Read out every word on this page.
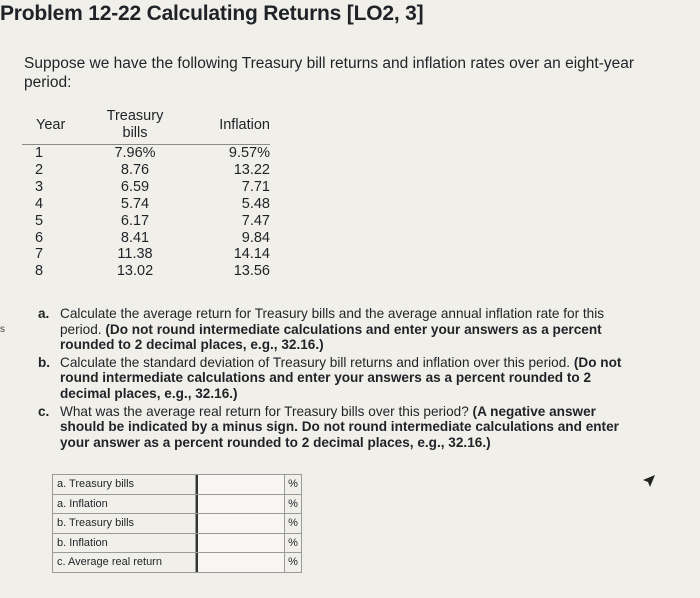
Problem 12-22 Calculating Returns [LO2, 3]
Suppose we have the following Treasury bill returns and inflation rates over an eight-year period:
Year	Treasury bills	Inflation
1	7.96%	9.57%
2	8.76	13.22
3	6.59	7.71
4	5.74	5.48
5	6.17	7.47
6	8.41	9.84
7	11.38	14.14
8	13.02	13.56
s
a. Calculate the average return for Treasury bills and the average annual inflation rate for this period. (Do not round intermediate calculations and enter your answers as a percent rounded to 2 decimal places, e.g., 32.16.)
b. Calculate the standard deviation of Treasury bill returns and inflation over this period. (Do not round intermediate calculations and enter your answers as a percent rounded to 2 decimal places, e.g., 32.16.)
c. What was the average real return for Treasury bills over this period? (A negative answer should be indicated by a minus sign. Do not round intermediate calculations and enter your answer as a percent rounded to 2 decimal places, e.g., 32.16.)
a. Treasury bills		%
a. Inflation		%
b. Treasury bills		%
b. Inflation		%
c. Average real return		%
